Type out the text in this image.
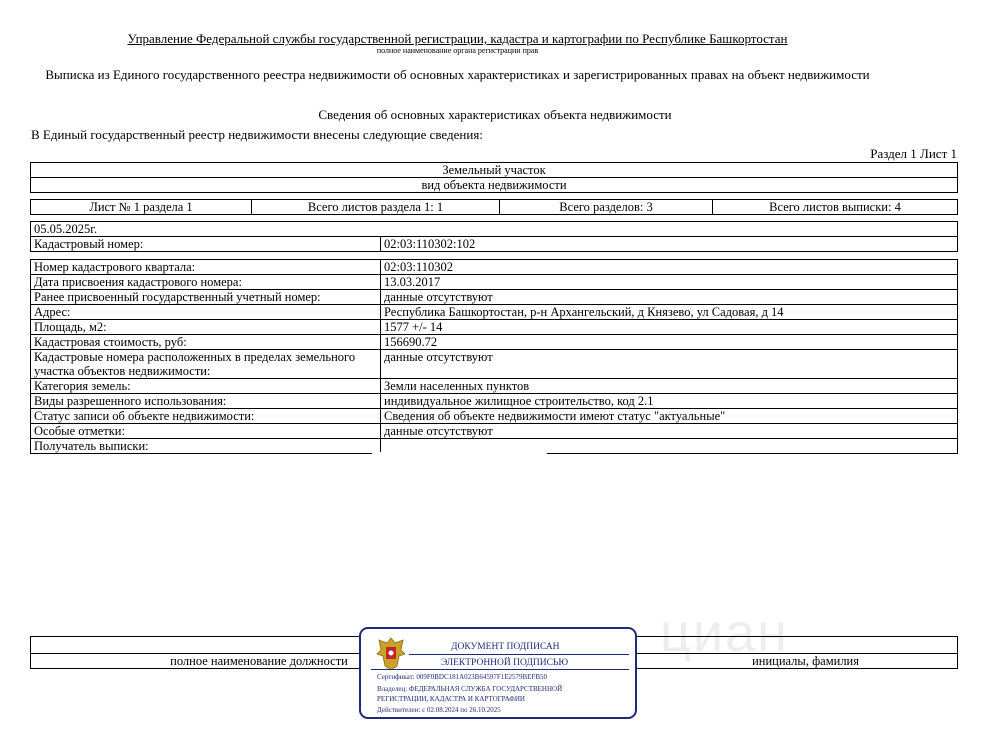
Управление Федеральной службы государственной регистрации, кадастра и картографии по Республике Башкортостан
полное наименование органа регистрации прав
Выписка из Единого государственного реестра недвижимости об основных характеристиках и зарегистрированных правах на объект недвижимости
Сведения об основных характеристиках объекта недвижимости
В Единый государственный реестр недвижимости внесены следующие сведения:
Раздел 1 Лист 1
Земельный участок
вид объекта недвижимости
Лист № 1 раздела 1	Всего листов раздела 1: 1	Всего разделов: 3	Всего листов выписки: 4
05.05.2025г.
Кадастровый номер:	02:03:110302:102
Номер кадастрового квартала:	02:03:110302
Дата присвоения кадастрового номера:	13.03.2017
Ранее присвоенный государственный учетный номер:	данные отсутствуют
Адрес:	Республика Башкортостан, р-н Архангельский, д Князево, ул Садовая, д 14
Площадь, м2:	1577 +/- 14
Кадастровая стоимость, руб:	156690.72
Кадастровые номера расположенных в пределах земельного участка объектов недвижимости:	данные отсутствуют
Категория земель:	Земли населенных пунктов
Виды разрешенного использования:	индивидуальное жилищное строительство, код 2.1
Статус записи об объекте недвижимости:	Сведения об объекте недвижимости имеют статус "актуальные"
Особые отметки:	данные отсутствуют
Получатель выписки:	
циан

полное наименование должности	инициалы, фамилия
ДОКУМЕНТ ПОДПИСАН
ЭЛЕКТРОННОЙ ПОДПИСЬЮ
Сертификат: 009F0BDC181A023B64597F1E2579BEFB50
Владелец: ФЕДЕРАЛЬНАЯ СЛУЖБА ГОСУДАРСТВЕННОЙ
РЕГИСТРАЦИИ, КАДАСТРА И КАРТОГРАФИИ
Действителен: с 02.08.2024 по 26.10.2025
